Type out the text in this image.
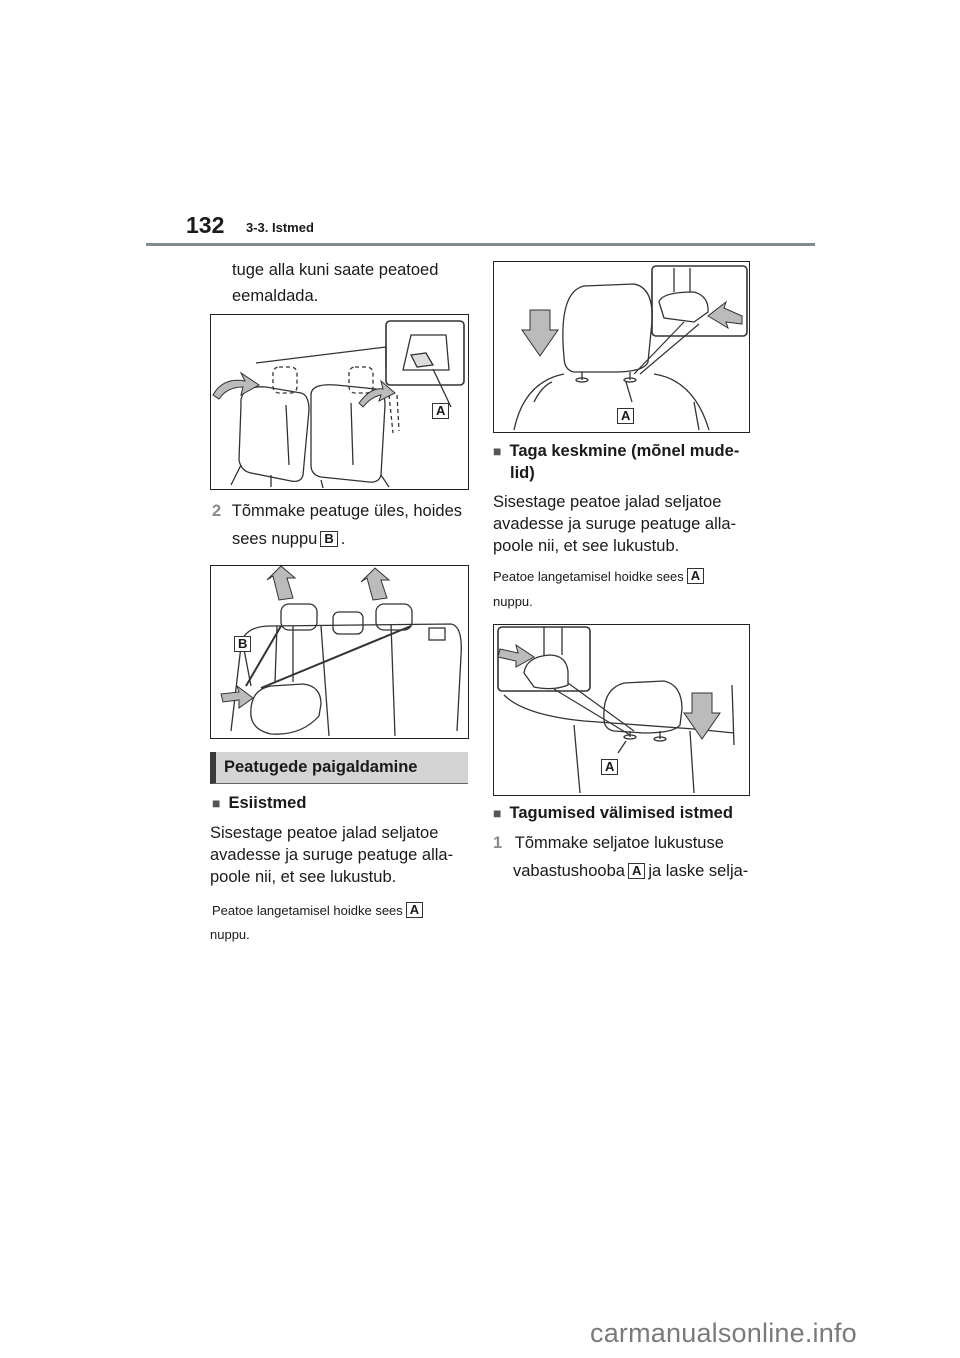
132 3-3. Istmed
tuge alla kuni saate peatoed
eemaldada.
A
2 Tõmmake peatuge üles, hoides
sees nuppu B .
B
Peatugede paigaldamine
■ Esiistmed
Sisestage peatoe jalad seljatoe
avadesse ja suruge peatuge alla-
poole nii, et see lukustub.
Peatoe langetamisel hoidke sees A
nuppu.
A
■ Taga keskmine (mõnel mude-
lid)
Sisestage peatoe jalad seljatoe
avadesse ja suruge peatuge alla-
poole nii, et see lukustub.
Peatoe langetamisel hoidke sees A
nuppu.
A
■ Tagumised välimised istmed
1 Tõmmake seljatoe lukustuse
vabastushooba A ja laske selja-
carmanualsonline.info
